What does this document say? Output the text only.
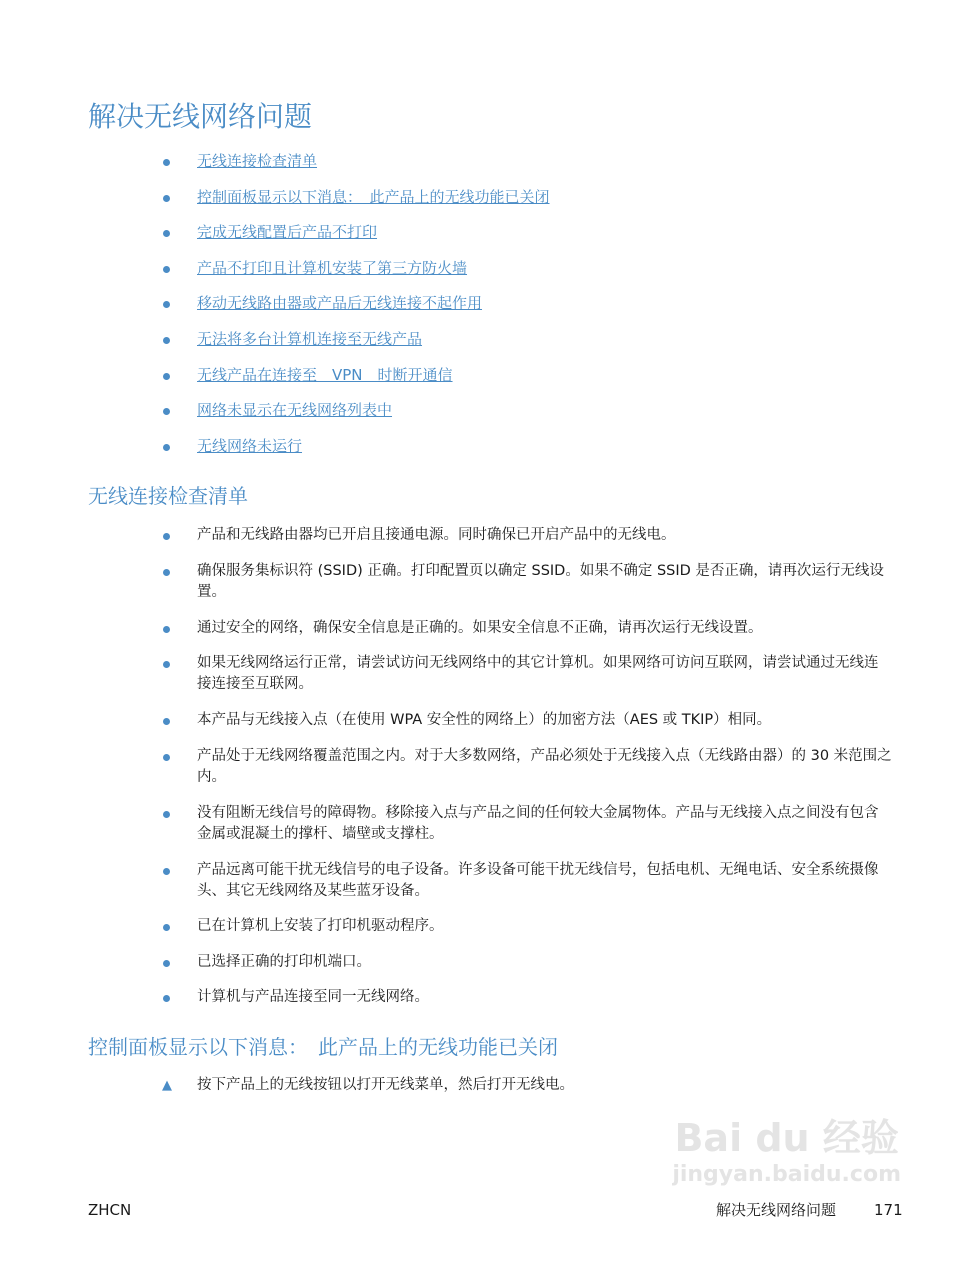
Bai du 经验
jingyan.baidu.com
解决无线网络问题
无线连接检查清单
控制面板显示以下消息：　此产品上的无线功能已关闭
完成无线配置后产品不打印
产品不打印且计算机安装了第三方防火墙
移动无线路由器或产品后无线连接不起作用
无法将多台计算机连接至无线产品
无线产品在连接至　VPN　时断开通信
网络未显示在无线网络列表中
无线网络未运行
无线连接检查清单
产品和无线路由器均已开启且接通电源。同时确保已开启产品中的无线电。
确保服务集标识符 (SSID) 正确。打印配置页以确定 SSID。如果不确定 SSID 是否正确，请再次运行无线设置。
通过安全的网络，确保安全信息是正确的。如果安全信息不正确，请再次运行无线设置。
如果无线网络运行正常，请尝试访问无线网络中的其它计算机。如果网络可访问互联网，请尝试通过无线连接连接至互联网。
本产品与无线接入点（在使用 WPA 安全性的网络上）的加密方法（AES 或 TKIP）相同。
产品处于无线网络覆盖范围之内。对于大多数网络，产品必须处于无线接入点（无线路由器）的 30 米范围之内。
没有阻断无线信号的障碍物。移除接入点与产品之间的任何较大金属物体。产品与无线接入点之间没有包含金属或混凝土的撑杆、墙壁或支撑柱。
产品远离可能干扰无线信号的电子设备。许多设备可能干扰无线信号，包括电机、无绳电话、安全系统摄像头、其它无线网络及某些蓝牙设备。
已在计算机上安装了打印机驱动程序。
已选择正确的打印机端口。
计算机与产品连接至同一无线网络。
控制面板显示以下消息：　此产品上的无线功能已关闭
▲ 按下产品上的无线按钮以打开无线菜单，然后打开无线电。
ZHCN	解决无线网络问题	171
